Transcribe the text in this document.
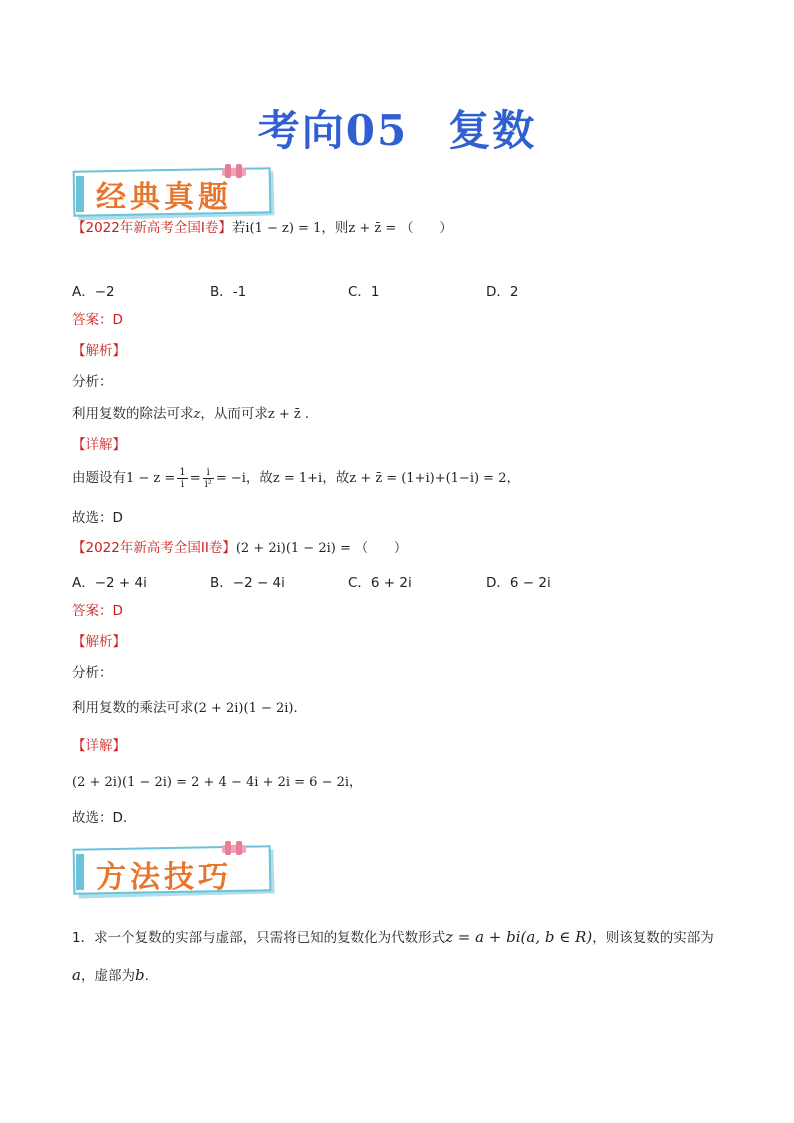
考向05 复数
经典真题
【2022年新高考全国I卷】若i(1 − z) = 1，则z + z̄ = （　　）
A．−2	B．-1	C．1	D．2
答案：D
【解析】
分析：
利用复数的除法可求z，从而可求z + z̄ .
【详解】
由题设有$1 - z = \frac{1}{i} = \frac{i}{\text{i²}} = -i$，故z = 1+i，故z + z̄ = (1+i)+(1−i) = 2，
故选：D
【2022年新高考全国II卷】(2 + 2i)(1 − 2i) = （　　）
A．−2 + 4i	B．−2 − 4i	C．6 + 2i	D．6 − 2i
答案：D
【解析】
分析：
利用复数的乘法可求(2 + 2i)(1 − 2i).
【详解】
(2 + 2i)(1 − 2i) = 2 + 4 − 4i + 2i = 6 − 2i，
故选：D.
方法技巧
1．求一个复数的实部与虚部，只需将已知的复数化为代数形式z = a + bi(a, b ∈ R)，则该复数的实部为
a，虚部为b.
